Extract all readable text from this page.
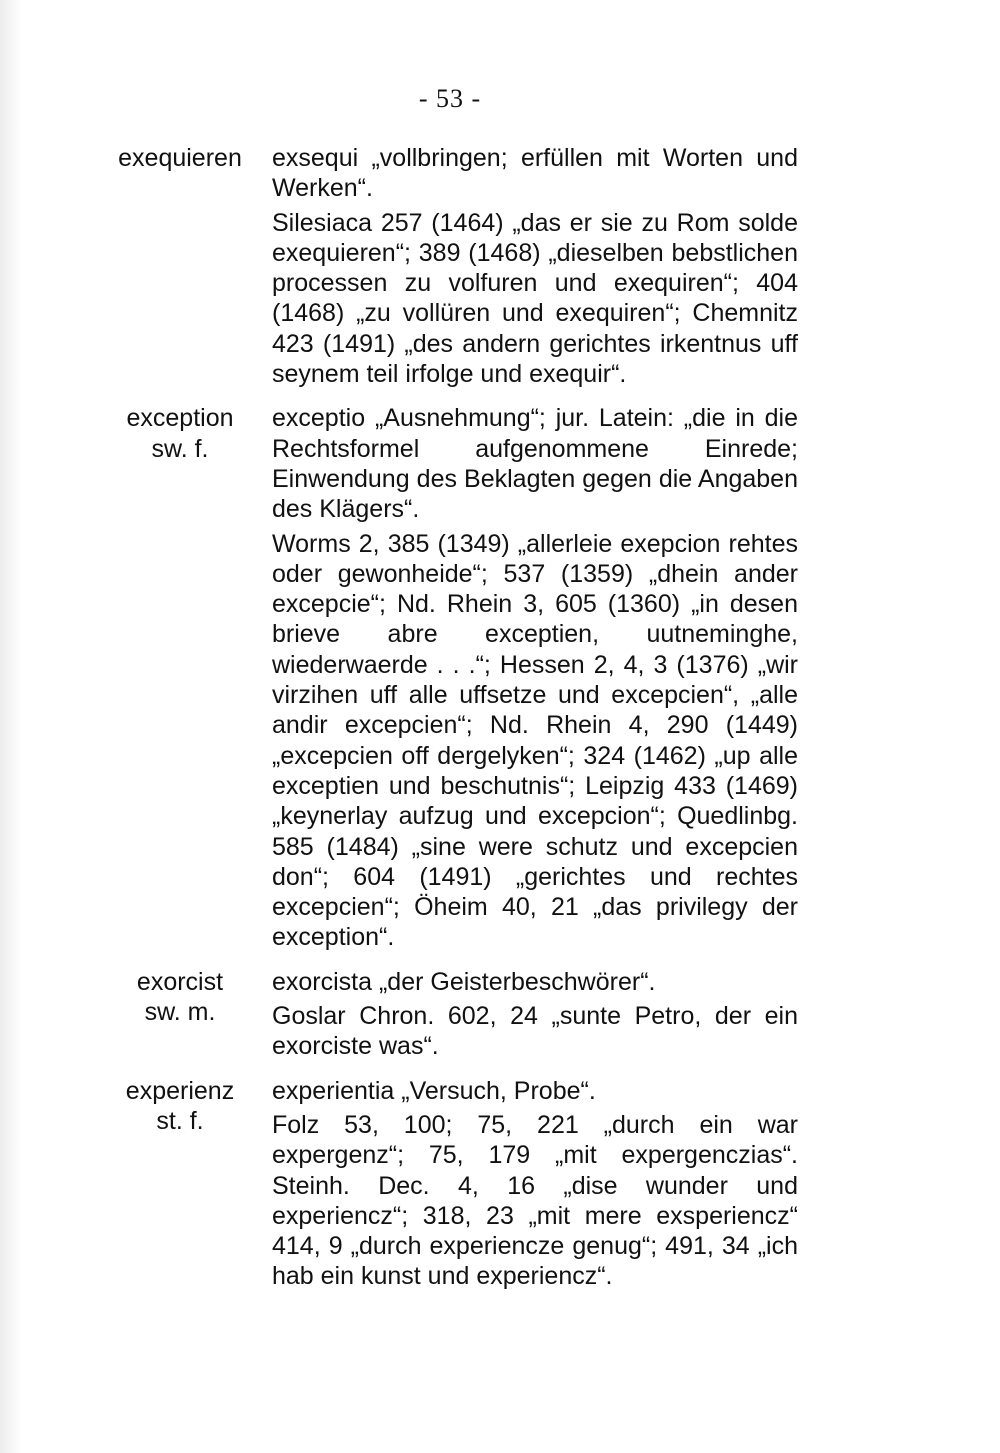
- 53 -
exequieren	exsequi „vollbringen; erfüllen mit Worten und Werken“.

Silesiaca 257 (1464) „das er sie zu Rom solde exequieren“; 389 (1468) „dieselben bebstlichen processen zu volfuren und exequiren“; 404 (1468) „zu vollüren und exequiren“; Chemnitz 423 (1491) „des andern gerichtes irkentnus uff seynem teil irfolge und exequir“.

exception
sw. f.

exceptio „Ausnehmung“; jur. Latein: „die in die Rechtsformel aufgenommene Einrede; Einwendung des Beklagten gegen die Angaben des Klägers“.

Worms 2, 385 (1349) „allerleie exepcion rehtes oder gewonheide“; 537 (1359) „dhein ander excepcie“; Nd. Rhein 3, 605 (1360) „in desen brieve abre exceptien, uutneminghe, wiederwaerde . . .“; Hessen 2, 4, 3 (1376) „wir virzihen uff alle uffsetze und excepcien“, „alle andir excepcien“; Nd. Rhein 4, 290 (1449) „excepcien off dergelyken“; 324 (1462) „up alle exceptien und beschutnis“; Leipzig 433 (1469) „keynerlay aufzug und excepcion“; Quedlinbg. 585 (1484) „sine were schutz und excepcien don“; 604 (1491) „gerichtes und rechtes excepcien“; Öheim 40, 21 „das privilegy der exception“.

exorcist
sw. m.

exorcista „der Geisterbeschwörer“.

Goslar Chron. 602, 24 „sunte Petro, der ein exorciste was“.

experienz
st. f.

experientia „Versuch, Probe“.

Folz 53, 100; 75, 221 „durch ein war expergenz“; 75, 179 „mit expergenczias“. Steinh. Dec. 4, 16 „dise wunder und experiencz“; 318, 23 „mit mere exsperiencz“ 414, 9 „durch experiencze genug“; 491, 34 „ich hab ein kunst und experiencz“.
